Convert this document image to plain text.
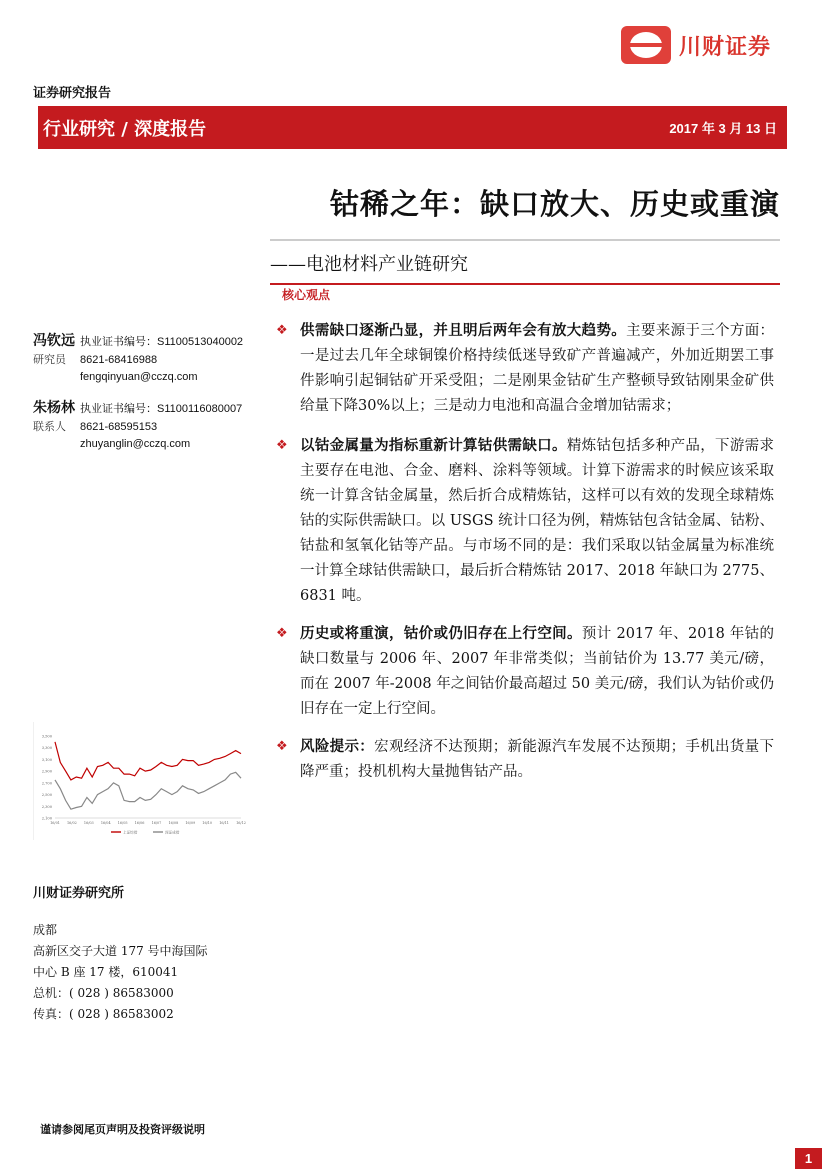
川财证券
证券研究报告
行业研究 / 深度报告	2017 年 3 月 13 日
钴稀之年：缺口放大、历史或重演
——电池材料产业链研究
核心观点
冯钦远 执业证书编号：S1100513040002
研究员 8621-68416988
fengqinyuan@cczq.com
朱杨林 执业证书编号：S1100116080007
联系人 8621-68595153
zhuyanglin@cczq.com
❖ 供需缺口逐渐凸显，并且明后两年会有放大趋势。主要来源于三个方面：一是过去几年全球铜镍价格持续低迷导致矿产普遍减产，外加近期罢工事件影响引起铜钴矿开采受阻；二是刚果金钴矿生产整顿导致钴刚果金矿供给量下降30%以上；三是动力电池和高温合金增加钴需求；
❖ 以钴金属量为指标重新计算钴供需缺口。精炼钴包括多种产品，下游需求主要存在电池、合金、磨料、涂料等领域。计算下游需求的时候应该采取统一计算含钴金属量，然后折合成精炼钴，这样可以有效的发现全球精炼钴的实际供需缺口。以 USGS 统计口径为例，精炼钴包含钴金属、钴粉、钴盐和氢氧化钴等产品。与市场不同的是：我们采取以钴金属量为标准统一计算全球钴供需缺口，最后折合精炼钴 2017、2018 年缺口为 2775、6831 吨。
❖ 历史或将重演，钴价或仍旧存在上行空间。预计 2017 年、2018 年钴的缺口数量与 2006 年、2007 年非常类似；当前钴价为 13.77 美元/磅，而在 2007 年-2008 年之间钴价最高超过 50 美元/磅，我们认为钴价或仍旧存在一定上行空间。
❖ 风险提示：宏观经济不达预期；新能源汽车发展不达预期；手机出货量下降严重；投机机构大量抛售钴产品。
3,500
3,300
3,100
2,900
2,700
2,500
2,300
2,100
16/01 16/02 16/03 16/04 16/05 16/06 16/07 16/08 16/09 16/10 16/11 16/12
上证综指	深证成指
川财证券研究所
成都
高新区交子大道 177 号中海国际
中心 B 座 17 楼，610041
总机：( 028 ) 86583000
传真：( 028 ) 86583002
谨请参阅尾页声明及投资评级说明
1
